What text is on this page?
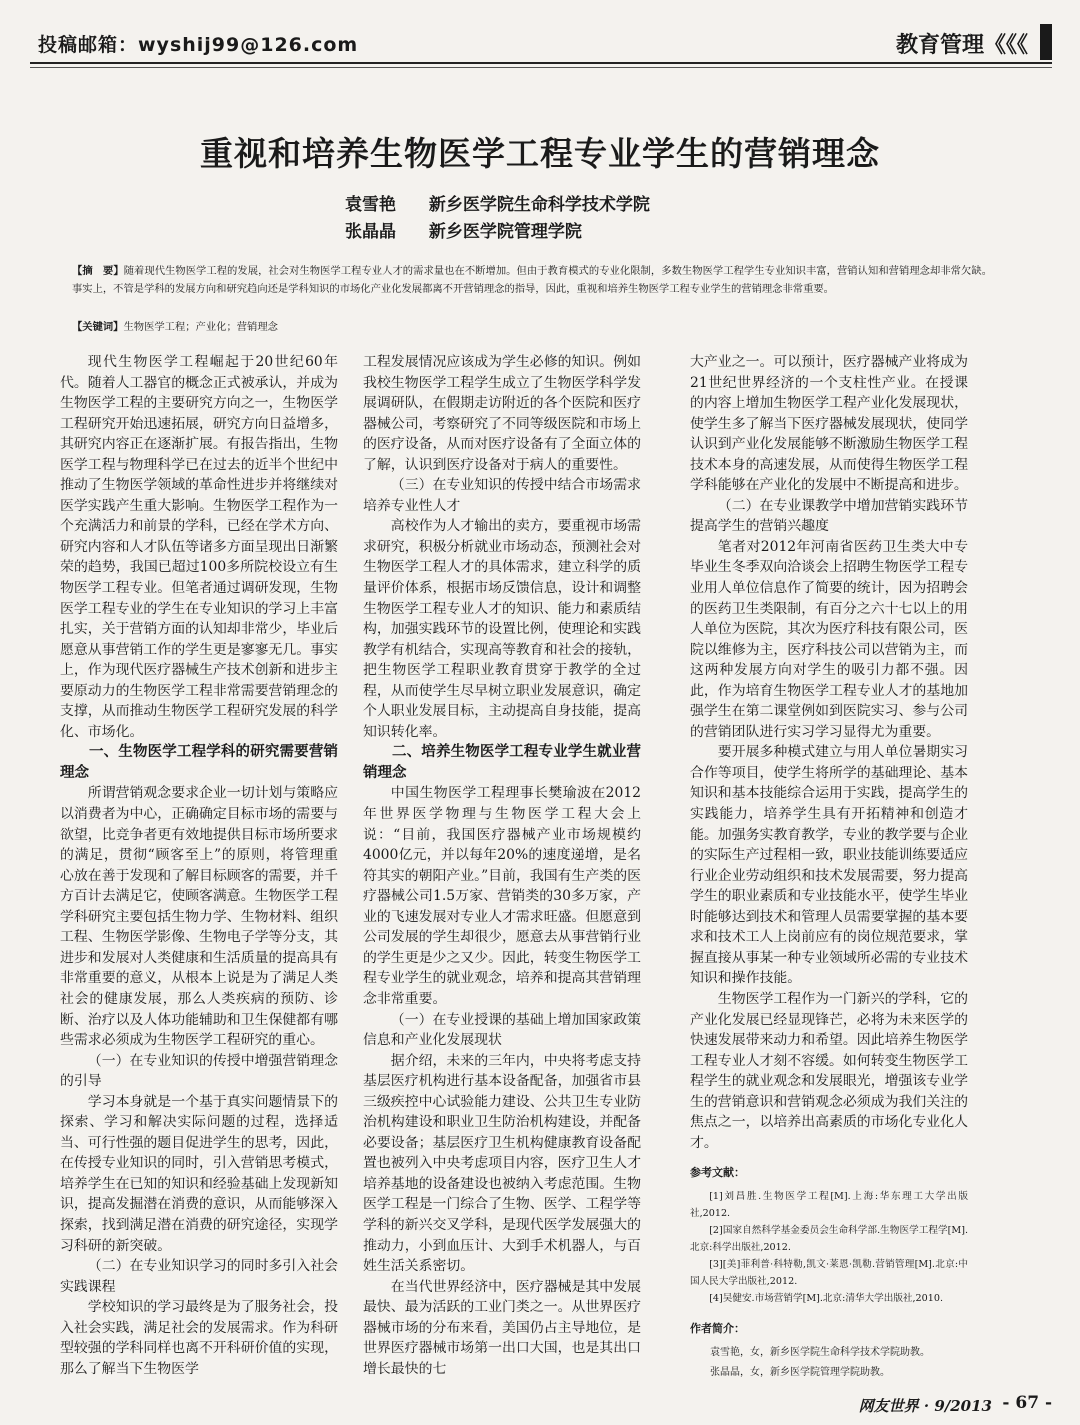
投稿邮箱：wyshij99@126.com	教育管理《《《
重视和培养生物医学工程专业学生的营销理念
袁雪艳 新乡医学院生命科学技术学院
张晶晶 新乡医学院管理学院
【摘　要】随着现代生物医学工程的发展，社会对生物医学工程专业人才的需求量也在不断增加。但由于教育模式的专业化限制，多数生物医学工程学生专业知识丰富，营销认知和营销理念却非常欠缺。事实上，不管是学科的发展方向和研究趋向还是学科知识的市场化产业化发展都离不开营销理念的指导，因此，重视和培养生物医学工程专业学生的营销理念非常重要。
【关键词】生物医学工程；产业化；营销理念

现代生物医学工程崛起于20世纪60年代。随着人工器官的概念正式被承认，并成为生物医学工程的主要研究方向之一，生物医学工程研究开始迅速拓展，研究方向日益增多，其研究内容正在逐渐扩展。有报告指出，生物医学工程与物理科学已在过去的近半个世纪中推动了生物医学领域的革命性进步并将继续对医学实践产生重大影响。生物医学工程作为一个充满活力和前景的学科，已经在学术方向、研究内容和人才队伍等诸多方面呈现出日渐繁荣的趋势，我国已超过100多所院校设立有生物医学工程专业。但笔者通过调研发现，生物医学工程专业的学生在专业知识的学习上丰富扎实，关于营销方面的认知却非常少，毕业后愿意从事营销工作的学生更是寥寥无几。事实上，作为现代医疗器械生产技术创新和进步主要原动力的生物医学工程非常需要营销理念的支撑，从而推动生物医学工程研究发展的科学化、市场化。

一、生物医学工程学科的研究需要营销理念

所谓营销观念要求企业一切计划与策略应以消费者为中心，正确确定目标市场的需要与欲望，比竞争者更有效地提供目标市场所要求的满足，贯彻“顾客至上”的原则，将管理重心放在善于发现和了解目标顾客的需要，并千方百计去满足它，使顾客满意。生物医学工程学科研究主要包括生物力学、生物材料、组织工程、生物医学影像、生物电子学等分支，其进步和发展对人类健康和生活质量的提高具有非常重要的意义，从根本上说是为了满足人类社会的健康发展，那么人类疾病的预防、诊断、治疗以及人体功能辅助和卫生保健都有哪些需求必须成为生物医学工程研究的重心。

（一）在专业知识的传授中增强营销理念的引导

学习本身就是一个基于真实问题情景下的探索、学习和解决实际问题的过程，选择适当、可行性强的题目促进学生的思考，因此，在传授专业知识的同时，引入营销思考模式，培养学生在已知的知识和经验基础上发现新知识，提高发掘潜在消费的意识，从而能够深入探索，找到满足潜在消费的研究途径，实现学习科研的新突破。

（二）在专业知识学习的同时多引入社会实践课程

学校知识的学习最终是为了服务社会，投入社会实践，满足社会的发展需求。作为科研型较强的学科同样也离不开科研价值的实现，那么了解当下生物医学

工程发展情况应该成为学生必修的知识。例如我校生物医学工程学生成立了生物医学科学发展调研队，在假期走访附近的各个医院和医疗器械公司，考察研究了不同等级医院和市场上的医疗设备，从而对医疗设备有了全面立体的了解，认识到医疗设备对于病人的重要性。

（三）在专业知识的传授中结合市场需求培养专业性人才

高校作为人才输出的卖方，要重视市场需求研究，积极分析就业市场动态，预测社会对生物医学工程人才的具体需求，建立科学的质量评价体系，根据市场反馈信息，设计和调整生物医学工程专业人才的知识、能力和素质结构，加强实践环节的设置比例，使理论和实践教学有机结合，实现高等教育和社会的接轨，把生物医学工程职业教育贯穿于教学的全过程，从而使学生尽早树立职业发展意识，确定个人职业发展目标，主动提高自身技能，提高知识转化率。

二、培养生物医学工程专业学生就业营销理念

中国生物医学工程理事长樊瑜波在2012年世界医学物理与生物医学工程大会上说：“目前，我国医疗器械产业市场规模约4000亿元，并以每年20%的速度递增，是名符其实的朝阳产业。”目前，我国有生产类的医疗器械公司1.5万家、营销类的30多万家，产业的飞速发展对专业人才需求旺盛。但愿意到公司发展的学生却很少，愿意去从事营销行业的学生更是少之又少。因此，转变生物医学工程专业学生的就业观念，培养和提高其营销理念非常重要。

（一）在专业授课的基础上增加国家政策信息和产业化发展现状

据介绍，未来的三年内，中央将考虑支持基层医疗机构进行基本设备配备，加强省市县三级疾控中心试验能力建设、公共卫生专业防治机构建设和职业卫生防治机构建设，并配备必要设备；基层医疗卫生机构健康教育设备配置也被列入中央考虑项目内容，医疗卫生人才培养基地的设备建设也被纳入考虑范围。生物医学工程是一门综合了生物、医学、工程学等学科的新兴交叉学科，是现代医学发展强大的推动力，小到血压计、大到手术机器人，与百姓生活关系密切。

在当代世界经济中，医疗器械是其中发展最快、最为活跃的工业门类之一。从世界医疗器械市场的分布来看，美国仍占主导地位，是世界医疗器械市场第一出口大国，也是其出口增长最快的七

大产业之一。可以预计，医疗器械产业将成为21世纪世界经济的一个支柱性产业。在授课的内容上增加生物医学工程产业化发展现状，使学生多了解当下医疗器械发展现状，使同学认识到产业化发展能够不断激励生物医学工程技术本身的高速发展，从而使得生物医学工程学科能够在产业化的发展中不断提高和进步。

（二）在专业课教学中增加营销实践环节提高学生的营销兴趣度

笔者对2012年河南省医药卫生类大中专毕业生冬季双向洽谈会上招聘生物医学工程专业用人单位信息作了简要的统计，因为招聘会的医药卫生类限制，有百分之六十七以上的用人单位为医院，其次为医疗科技有限公司，医院以维修为主，医疗科技公司以营销为主，而这两种发展方向对学生的吸引力都不强。因此，作为培育生物医学工程专业人才的基地加强学生在第二课堂例如到医院实习、参与公司的营销团队进行实习学习显得尤为重要。

要开展多种模式建立与用人单位暑期实习合作等项目，使学生将所学的基础理论、基本知识和基本技能综合运用于实践，提高学生的实践能力，培养学生具有开拓精神和创造才能。加强务实教育教学，专业的教学要与企业的实际生产过程相一致，职业技能训练要适应行业企业劳动组织和技术发展需要，努力提高学生的职业素质和专业技能水平，使学生毕业时能够达到技术和管理人员需要掌握的基本要求和技术工人上岗前应有的岗位规范要求，掌握直接从事某一种专业领域所必需的专业技术知识和操作技能。

生物医学工程作为一门新兴的学科，它的产业化发展已经显现锋芒，必将为未来医学的快速发展带来动力和希望。因此培养生物医学工程专业人才刻不容缓。如何转变生物医学工程学生的就业观念和发展眼光，增强该专业学生的营销意识和营销观念必须成为我们关注的焦点之一，以培养出高素质的市场化专业化人才。

参考文献：

[1]刘昌胜.生物医学工程[M].上海:华东理工大学出版社,2012.

[2]国家自然科学基金委员会生命科学部.生物医学工程学[M].北京:科学出版社,2012.

[3][美]菲利普·科特勒,凯文·莱恩·凯勒.营销管理[M].北京:中国人民大学出版社,2012.

[4]吴健安.市场营销学[M].北京:清华大学出版社,2010.

作者简介：

袁雪艳，女，新乡医学院生命科学技术学院助教。

张晶晶，女，新乡医学院管理学院助教。

网友世界 · 9/2013 - 67 -
